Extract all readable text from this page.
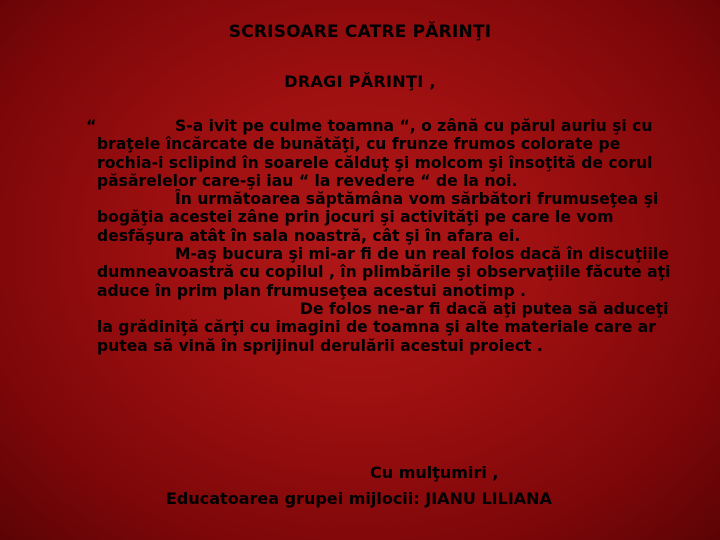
SCRISOARE CATRE PĂRINŢI
DRAGI PĂRINŢI ,
“	S-a ivit pe culme toamna “, o zână cu părul auriu şi cu braţele încărcate de bunătăţi, cu frunze frumos colorate pe rochia-i sclipind în soarele călduţ şi molcom şi însoţită de corul păsărelelor care-şi iau “ la revedere “ de la noi.

În următoarea săptămâna vom sărbători frumuseţea şi bogăţia acestei zâne prin jocuri şi activităţi pe care le vom desfăşura atât în sala noastră, cât şi în afara ei.

M-aş bucura şi mi-ar fi de un real folos dacă în discuţiile dumneavoastră cu copilul , în plimbările şi observaţiile făcute aţi aduce în prim plan frumuseţea acestui anotimp .

De folos ne-ar fi dacă aţi putea să aduceţi la grădiniţă cărţi cu imagini de toamna şi alte materiale care ar putea să vină în sprijinul derulării acestui proiect .

Cu mulţumiri ,
Educatoarea grupei mijlocii: JIANU LILIANA
